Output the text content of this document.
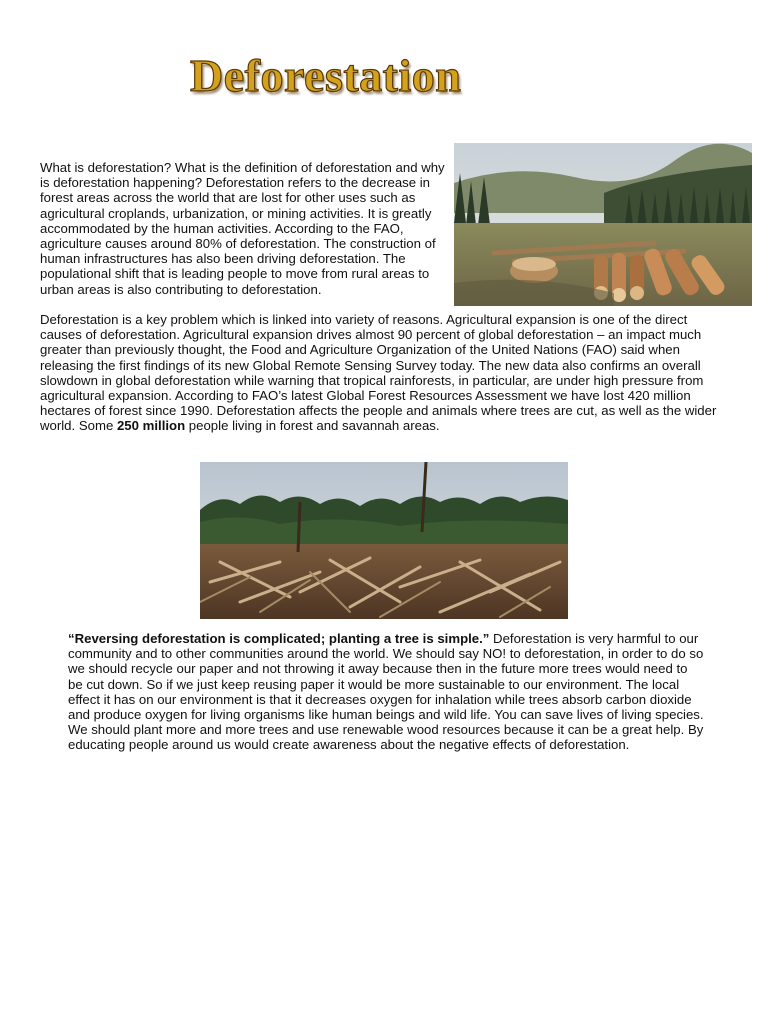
Deforestation
What is deforestation? What is the definition of deforestation and why is deforestation happening? Deforestation refers to the decrease in forest areas across the world that are lost for other uses such as agricultural croplands, urbanization, or mining activities. It is greatly accommodated by the human activities. According to the FAO, agriculture causes around 80% of deforestation. The construction of human infrastructures has also been driving deforestation. The populational shift that is leading people to move from rural areas to urban areas is also contributing to deforestation.
Deforestation is a key problem which is linked into variety of reasons. Agricultural expansion is one of the direct causes of deforestation. Agricultural expansion drives almost 90 percent of global deforestation – an impact much greater than previously thought, the Food and Agriculture Organization of the United Nations (FAO) said when releasing the first findings of its new Global Remote Sensing Survey today. The new data also confirms an overall slowdown in global deforestation while warning that tropical rainforests, in particular, are under high pressure from agricultural expansion. According to FAO’s latest Global Forest Resources Assessment we have lost 420 million hectares of forest since 1990. Deforestation affects the people and animals where trees are cut, as well as the wider world. Some 250 million people living in forest and savannah areas.
“Reversing deforestation is complicated; planting a tree is simple.” Deforestation is very harmful to our community and to other communities around the world. We should say NO! to deforestation, in order to do so we should recycle our paper and not throwing it away because then in the future more trees would need to be cut down. So if we just keep reusing paper it would be more sustainable to our environment. The local effect it has on our environment is that it decreases oxygen for inhalation while trees absorb carbon dioxide and produce oxygen for living organisms like human beings and wild life. You can save lives of living species. We should plant more and more trees and use renewable wood resources because it can be a great help. By educating people around us would create awareness about the negative effects of deforestation.
